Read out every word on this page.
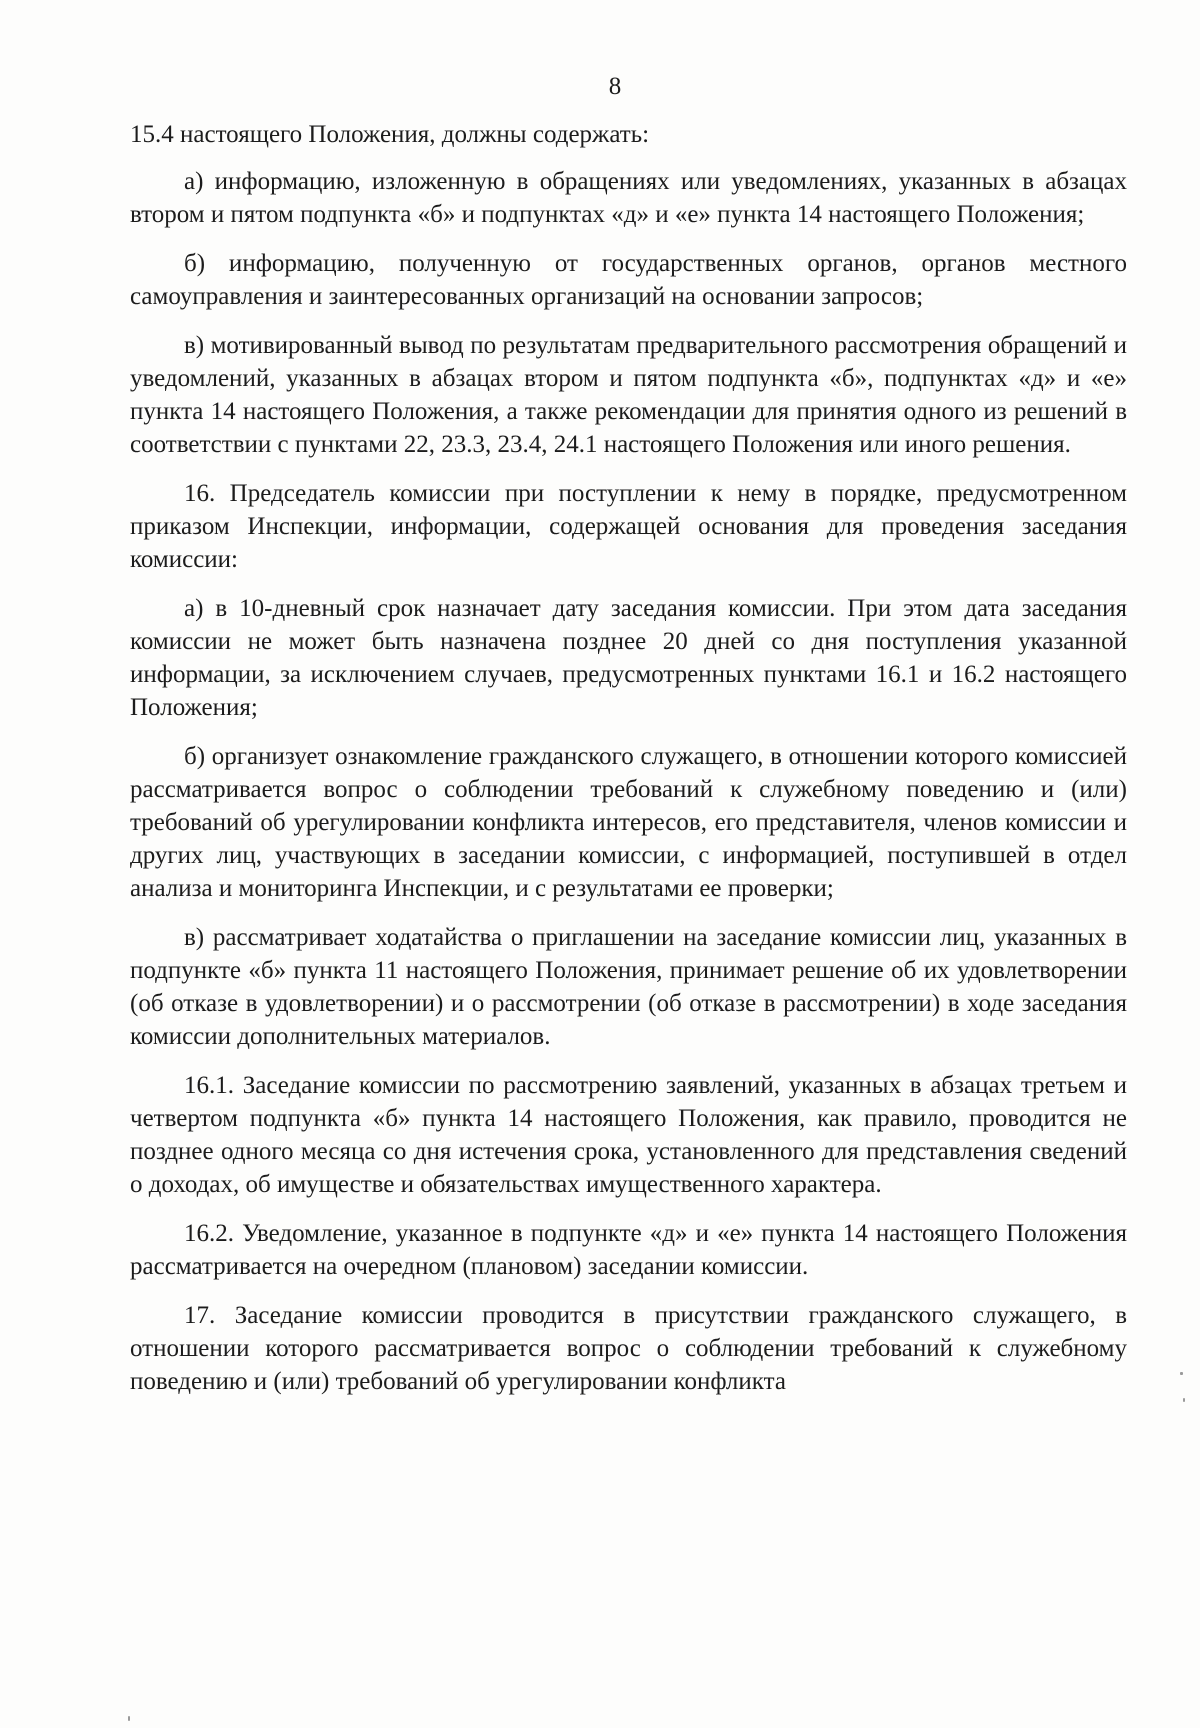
8

15.4 настоящего Положения, должны содержать:

а) информацию, изложенную в обращениях или уведомлениях, указанных в абзацах втором и пятом подпункта «б» и подпунктах «д» и «е» пункта 14 настоящего Положения;

б) информацию, полученную от государственных органов, органов местного самоуправления и заинтересованных организаций на основании запросов;

в) мотивированный вывод по результатам предварительного рассмотрения обращений и уведомлений, указанных в абзацах втором и пятом подпункта «б», подпунктах «д» и «е» пункта 14 настоящего Положения, а также рекомендации для принятия одного из решений в соответствии с пунктами 22, 23.3, 23.4, 24.1 настоящего Положения или иного решения.

16. Председатель комиссии при поступлении к нему в порядке, предусмотренном приказом Инспекции, информации, содержащей основания для проведения заседания комиссии:

а) в 10-дневный срок назначает дату заседания комиссии. При этом дата заседания комиссии не может быть назначена позднее 20 дней со дня поступления указанной информации, за исключением случаев, предусмотренных пунктами 16.1 и 16.2 настоящего Положения;

б) организует ознакомление гражданского служащего, в отношении которого комиссией рассматривается вопрос о соблюдении требований к служебному поведению и (или) требований об урегулировании конфликта интересов, его представителя, членов комиссии и других лиц, участвующих в заседании комиссии, с информацией, поступившей в отдел анализа и мониторинга Инспекции, и с результатами ее проверки;

в) рассматривает ходатайства о приглашении на заседание комиссии лиц, указанных в подпункте «б» пункта 11 настоящего Положения, принимает решение об их удовлетворении (об отказе в удовлетворении) и о рассмотрении (об отказе в рассмотрении) в ходе заседания комиссии дополнительных материалов.

16.1. Заседание комиссии по рассмотрению заявлений, указанных в абзацах третьем и четвертом подпункта «б» пункта 14 настоящего Положения, как правило, проводится не позднее одного месяца со дня истечения срока, установленного для представления сведений о доходах, об имуществе и обязательствах имущественного характера.

16.2. Уведомление, указанное в подпункте «д» и «е» пункта 14 настоящего Положения рассматривается на очередном (плановом) заседании комиссии.

17. Заседание комиссии проводится в присутствии гражданского служащего, в отношении которого рассматривается вопрос о соблюдении требований к служебному поведению и (или) требований об урегулировании конфликта
